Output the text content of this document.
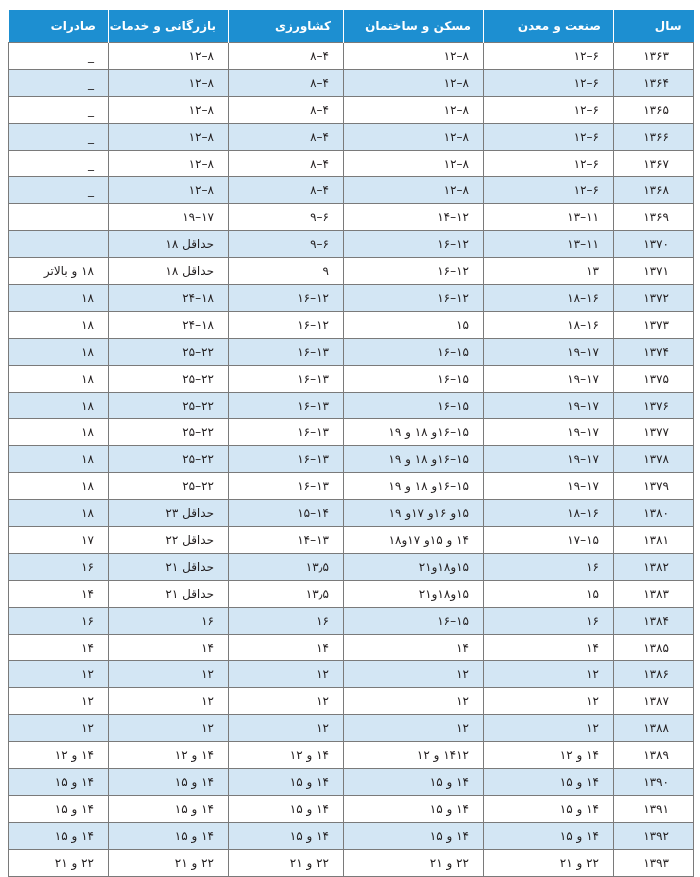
سال	صنعت و معدن	مسکن و ساختمان	کشاورزی	بازرگانی و خدمات	صادرات
۱۳۶۳	۶–۱۲	۸–۱۲	۴–۸	۸–۱۲	_
۱۳۶۴	۶–۱۲	۸–۱۲	۴–۸	۸–۱۲	_
۱۳۶۵	۶–۱۲	۸–۱۲	۴–۸	۸–۱۲	_
۱۳۶۶	۶–۱۲	۸–۱۲	۴–۸	۸–۱۲	_
۱۳۶۷	۶–۱۲	۸–۱۲	۴–۸	۸–۱۲	_
۱۳۶۸	۶–۱۲	۸–۱۲	۴–۸	۸–۱۲	_
۱۳۶۹	۱۱–۱۳	۱۲–۱۴	۶–۹	۱۷–۱۹	
۱۳۷۰	۱۱–۱۳	۱۲–۱۶	۶–۹	حداقل ۱۸	
۱۳۷۱	۱۳	۱۲–۱۶	۹	حداقل ۱۸	۱۸ و بالاتر
۱۳۷۲	۱۶–۱۸	۱۲–۱۶	۱۲–۱۶	۱۸–۲۴	۱۸
۱۳۷۳	۱۶–۱۸	۱۵	۱۲–۱۶	۱۸–۲۴	۱۸
۱۳۷۴	۱۷–۱۹	۱۵–۱۶	۱۳–۱۶	۲۲–۲۵	۱۸
۱۳۷۵	۱۷–۱۹	۱۵–۱۶	۱۳–۱۶	۲۲–۲۵	۱۸
۱۳۷۶	۱۷–۱۹	۱۵–۱۶	۱۳–۱۶	۲۲–۲۵	۱۸
۱۳۷۷	۱۷–۱۹	۱۵–۱۶و ۱۸ و ۱۹	۱۳–۱۶	۲۲–۲۵	۱۸
۱۳۷۸	۱۷–۱۹	۱۵–۱۶و ۱۸ و ۱۹	۱۳–۱۶	۲۲–۲۵	۱۸
۱۳۷۹	۱۷–۱۹	۱۵–۱۶و ۱۸ و ۱۹	۱۳–۱۶	۲۲–۲۵	۱۸
۱۳۸۰	۱۶–۱۸	۱۵و ۱۶و ۱۷و ۱۹	۱۴–۱۵	حداقل ۲۳	۱۸
۱۳۸۱	۱۵–۱۷	۱۴ و ۱۵و ۱۷و۱۸	۱۳–۱۴	حداقل ۲۲	۱۷
۱۳۸۲	۱۶	۱۵و۱۸و۲۱	۱۳٫۵	حداقل ۲۱	۱۶
۱۳۸۳	۱۵	۱۵و۱۸و۲۱	۱۳٫۵	حداقل ۲۱	۱۴
۱۳۸۴	۱۶	۱۵–۱۶	۱۶	۱۶	۱۶
۱۳۸۵	۱۴	۱۴	۱۴	۱۴	۱۴
۱۳۸۶	۱۲	۱۲	۱۲	۱۲	۱۲
۱۳۸۷	۱۲	۱۲	۱۲	۱۲	۱۲
۱۳۸۸	۱۲	۱۲	۱۲	۱۲	۱۲
۱۳۸۹	۱۴ و ۱۲	۱۴۱۲ و ۱۲	۱۴ و ۱۲	۱۴ و ۱۲	۱۴ و ۱۲
۱۳۹۰	۱۴ و ۱۵	۱۴ و ۱۵	۱۴ و ۱۵	۱۴ و ۱۵	۱۴ و ۱۵
۱۳۹۱	۱۴ و ۱۵	۱۴ و ۱۵	۱۴ و ۱۵	۱۴ و ۱۵	۱۴ و ۱۵
۱۳۹۲	۱۴ و ۱۵	۱۴ و ۱۵	۱۴ و ۱۵	۱۴ و ۱۵	۱۴ و ۱۵
۱۳۹۳	۲۲ و ۲۱	۲۲ و ۲۱	۲۲ و ۲۱	۲۲ و ۲۱	۲۲ و ۲۱
